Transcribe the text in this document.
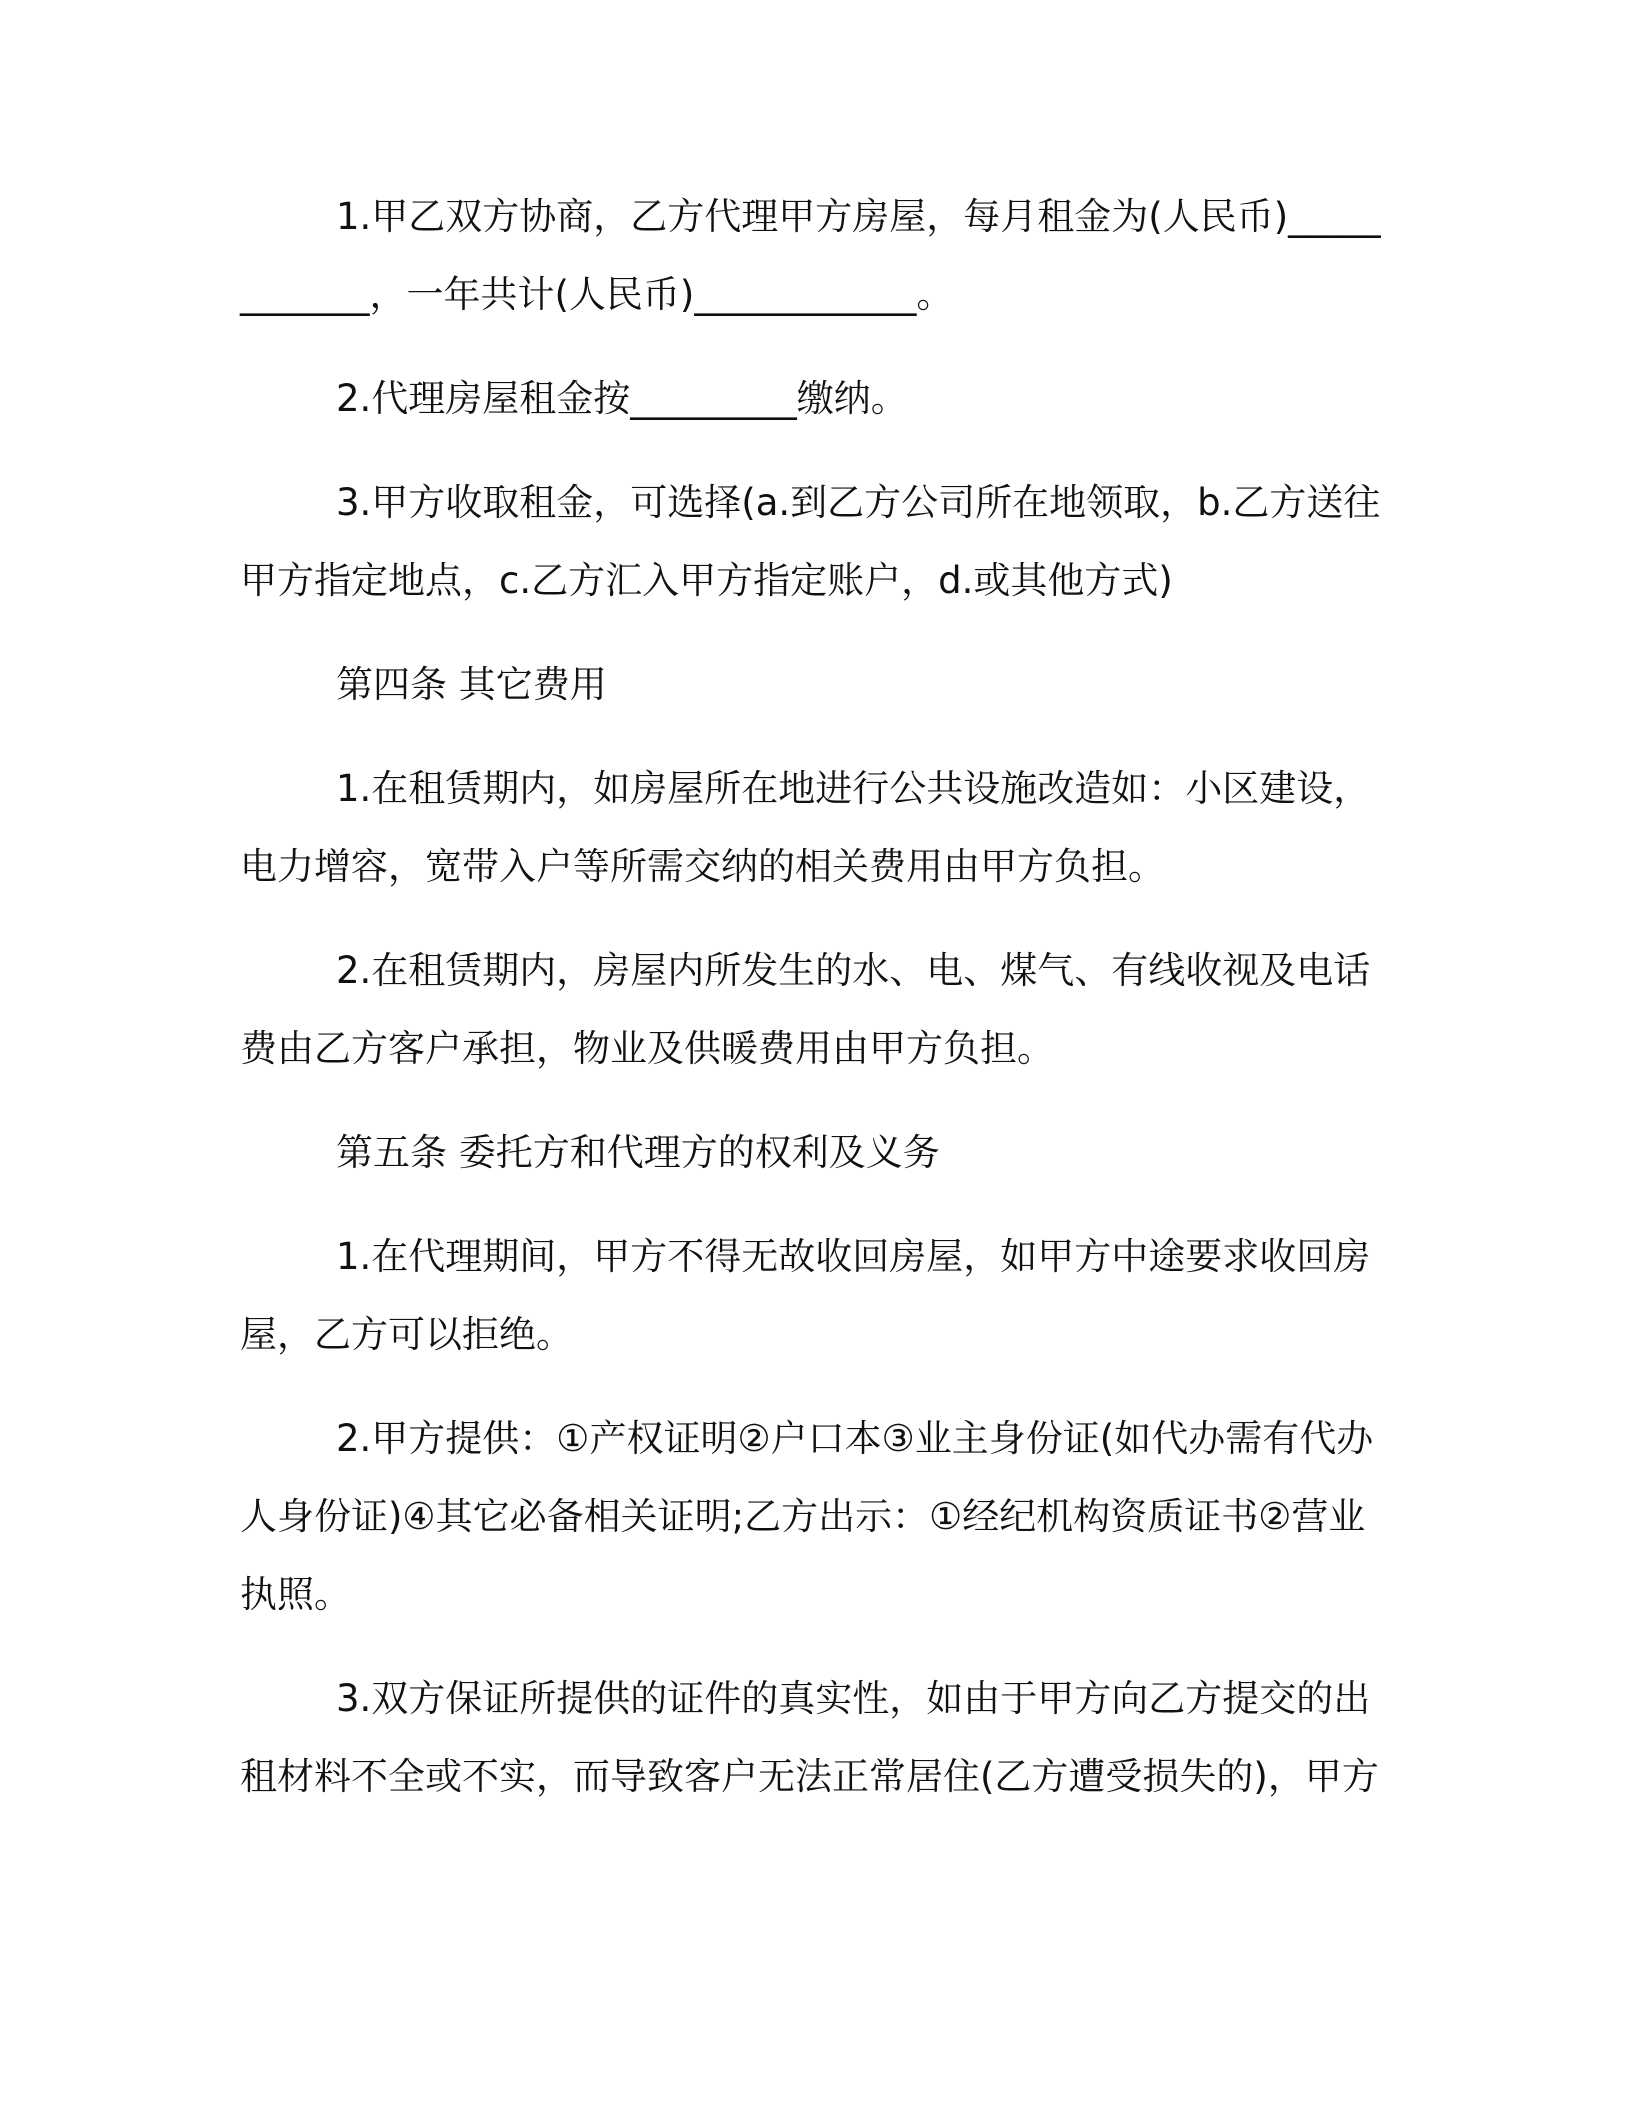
1.甲乙双方协商，乙方代理甲方房屋，每月租金为(人民币)____________，一年共计(人民币)____________。

2.代理房屋租金按_________缴纳。

3.甲方收取租金，可选择(a.到乙方公司所在地领取，b.乙方送往甲方指定地点，c.乙方汇入甲方指定账户，d.或其他方式)

第四条 其它费用

1.在租赁期内，如房屋所在地进行公共设施改造如：小区建设，电力增容，宽带入户等所需交纳的相关费用由甲方负担。

2.在租赁期内，房屋内所发生的水、电、煤气、有线收视及电话费由乙方客户承担，物业及供暖费用由甲方负担。

第五条 委托方和代理方的权利及义务

1.在代理期间，甲方不得无故收回房屋，如甲方中途要求收回房屋，乙方可以拒绝。

2.甲方提供：①产权证明②户口本③业主身份证(如代办需有代办人身份证)④其它必备相关证明;乙方出示：①经纪机构资质证书②营业执照。

3.双方保证所提供的证件的真实性，如由于甲方向乙方提交的出租材料不全或不实，而导致客户无法正常居住(乙方遭受损失的)，甲方
